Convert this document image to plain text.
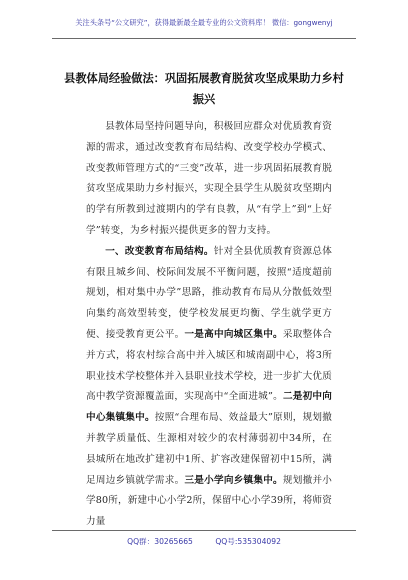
关注头条号“公文研究”，获得最新最全最专业的公文资料库！ 微信：gongwenyj
县教体局经验做法：巩固拓展教育脱贫攻坚成果助力乡村振兴

县教体局坚持问题导向，积极回应群众对优质教育资源的需求，通过改变教育布局结构、改变学校办学模式、改变教师管理方式的“三变”改革，进一步巩固拓展教育脱贫攻坚成果助力乡村振兴，实现全县学生从脱贫攻坚期内的学有所教到过渡期内的学有良教，从“有学上”到“上好学”转变，为乡村振兴提供更多的智力支持。

一、改变教育布局结构。针对全县优质教育资源总体有限且城乡间、校际间发展不平衡问题，按照“适度超前规划，相对集中办学”思路，推动教育布局从分散低效型向集约高效型转变，使学校发展更均衡、学生就学更方便、接受教育更公平。一是高中向城区集中。采取整体合并方式，将农村综合高中并入城区和城南副中心，将3所职业技术学校整体并入县职业技术学校，进一步扩大优质高中教学资源覆盖面，实现高中“全面进城”。二是初中向中心集镇集中。按照“合理布局、效益最大”原则，规划撤并教学质量低、生源相对较少的农村薄弱初中34所，在县城所在地改扩建初中1所、扩容改建保留初中15所，满足周边乡镇就学需求。三是小学向乡镇集中。规划撤并小学80所，新建中心小学2所，保留中心小学39所，将师资力量

QQ群：30265665	QQ号:535304092
